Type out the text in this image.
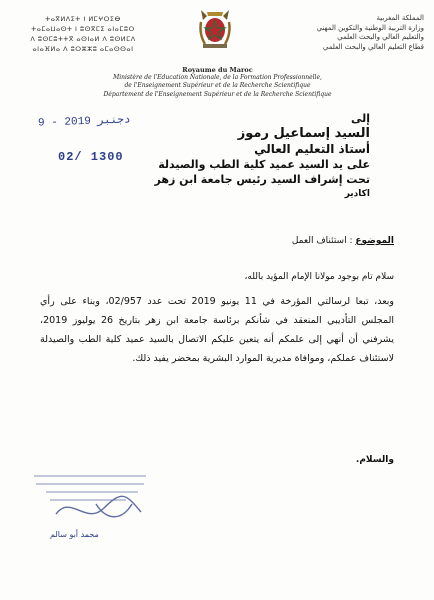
ⵜⴰⴳⵍⴷⵉⵜ ⵏ ⵍⵎⵖⵔⵉⴱ
ⵜⴰⵎⴰⵡⴰⵙⵜ ⵏ ⵓⵙⴳⵎⵉ ⴰⵏⴰⵎⵓⵔ
ⴷ ⵓⵙⵎⵓⵜⵜⴳ ⴰⵙⵏⴰⵍ ⴷ ⵓⵙⵍⵎⴷ
ⴰⵏⴰⴼⵍⴰ ⴷ ⵓⵔⵣⵣⵓ ⴰⵎⴰⵙⵙⴰⵏ
المملكة المغربية
وزارة التربية الوطنية والتكوين المهني
والتعليم العالي والبحث العلمي
قطاع التعليم العالي والبحث العلمي
Royaume du Maroc
Ministère de l'Education Nationale, de la Formation Professionnelle,
de l'Enseignement Supérieur et de la Recherche Scientifique
Département de l'Enseignement Supérieur et de la Recherche Scientifique
9 - دجنبر 2019
02/ 1300
إلى
السيد إسماعيل رموز
أستاذ التعليم العالي
على يد السيد عميد كلية الطب والصيدلة
تحت إشراف السيد رئيس جامعة ابن زهر
اكادير
الموضوع : استئناف العمل
سلام تام بوجود مولانا الإمام المؤيد بالله،
وبعد، تبعا لرسالتي المؤرخة في 11 يونيو 2019 تحت عدد 02/957، وبناء على رأي المجلس التأديبي المنعقد في شأنكم برئاسة جامعة ابن زهر بتاريخ 26 يوليوز 2019، يشرفني أن أنهي إلى علمكم أنه يتعين عليكم الاتصال بالسيد عميد كلية الطب والصيدلة لاستئناف عملكم، وموافاة مديرية الموارد البشرية بمحضر يفيد ذلك.
والسلام.
محمد أبو سالم
